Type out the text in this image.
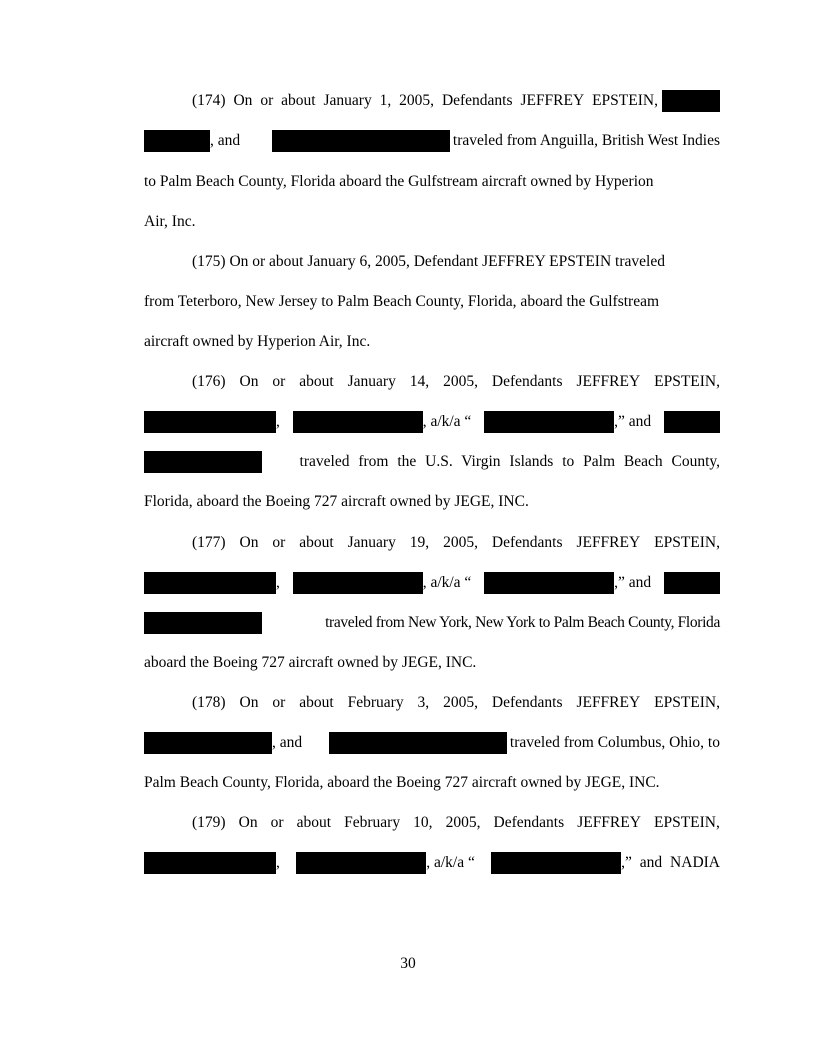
(174) On or about January 1, 2005, Defendants JEFFREY EPSTEIN,
, and	traveled from Anguilla, British West Indies
to Palm Beach County, Florida aboard the Gulfstream aircraft owned by Hyperion
Air, Inc.
(175) On or about January 6, 2005, Defendant JEFFREY EPSTEIN traveled
from Teterboro, New Jersey to Palm Beach County, Florida, aboard the Gulfstream
aircraft owned by Hyperion Air, Inc.
(176) On or about January 14, 2005, Defendants JEFFREY EPSTEIN,
,	, a/k/a “	,” and
traveled from the U.S. Virgin Islands to Palm Beach County,
Florida, aboard the Boeing 727 aircraft owned by JEGE, INC.
(177) On or about January 19, 2005, Defendants JEFFREY EPSTEIN,
,	, a/k/a “	,” and
traveled from New York, New York to Palm Beach County, Florida
aboard the Boeing 727 aircraft owned by JEGE, INC.
(178) On or about February 3, 2005, Defendants JEFFREY EPSTEIN,
, and	traveled from Columbus, Ohio, to
Palm Beach County, Florida, aboard the Boeing 727 aircraft owned by JEGE, INC.
(179) On or about February 10, 2005, Defendants JEFFREY EPSTEIN,
,	, a/k/a “	,” and NADIA
30
